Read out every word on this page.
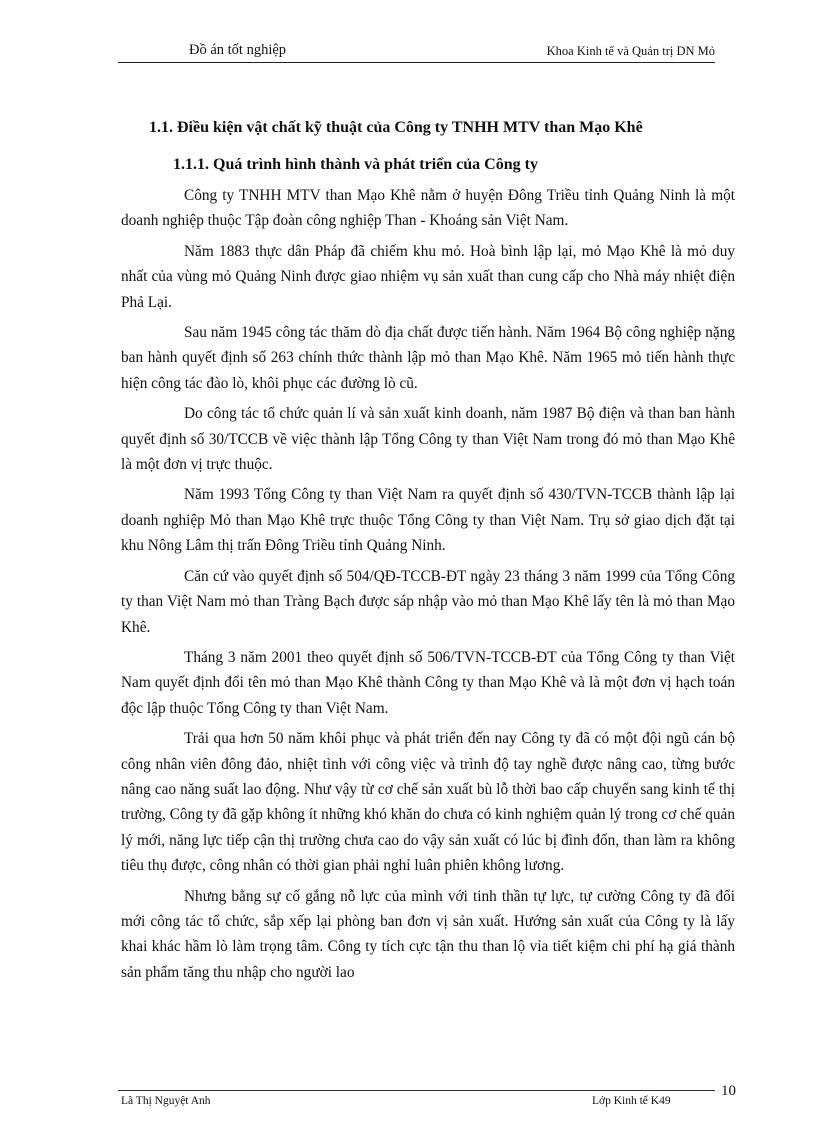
Đồ án tốt nghiệp	Khoa Kinh tế và Quản trị DN Mỏ
1.1. Điều kiện vật chất kỹ thuật của Công ty TNHH MTV than Mạo Khê
1.1.1. Quá trình hình thành và phát triển của Công ty

Công ty TNHH MTV than Mạo Khê nằm ở huyện Đông Triều tỉnh Quảng Ninh là một doanh nghiệp thuộc Tập đoàn công nghiệp Than - Khoáng sản Việt Nam.

Năm 1883 thực dân Pháp đã chiếm khu mỏ. Hoà bình lập lại, mỏ Mạo Khê là mỏ duy nhất của vùng mỏ Quảng Ninh được giao nhiệm vụ sản xuất than cung cấp cho Nhà máy nhiệt điện Phả Lại.

Sau năm 1945 công tác thăm dò địa chất được tiến hành. Năm 1964 Bộ công nghiệp nặng ban hành quyết định số 263 chính thức thành lập mỏ than Mạo Khê. Năm 1965 mỏ tiến hành thực hiện công tác đào lò, khôi phục các đường lò cũ.

Do công tác tổ chức quản lí và sản xuất kinh doanh, năm 1987 Bộ điện và than ban hành quyết định số 30/TCCB về việc thành lập Tổng Công ty than Việt Nam trong đó mỏ than Mạo Khê là một đơn vị trực thuộc.

Năm 1993 Tổng Công ty than Việt Nam ra quyết định số 430/TVN-TCCB thành lập lại doanh nghiệp Mỏ than Mạo Khê trực thuộc Tổng Công ty than Việt Nam. Trụ sở giao dịch đặt tại khu Nông Lâm thị trấn Đông Triều tỉnh Quảng Ninh.

Căn cứ vào quyết định số 504/QĐ-TCCB-ĐT ngày 23 tháng 3 năm 1999 của Tổng Công ty than Việt Nam mỏ than Tràng Bạch được sáp nhập vào mỏ than Mạo Khê lấy tên là mỏ than Mạo Khê.

Tháng 3 năm 2001 theo quyết định số 506/TVN-TCCB-ĐT của Tổng Công ty than Việt Nam quyết định đổi tên mỏ than Mạo Khê thành Công ty than Mạo Khê và là một đơn vị hạch toán độc lập thuộc Tổng Công ty than Việt Nam.

Trải qua hơn 50 năm khôi phục và phát triển đến nay Công ty đã có một đội ngũ cán bộ công nhân viên đông đảo, nhiệt tình với công việc và trình độ tay nghề được nâng cao, từng bước nâng cao năng suất lao động. Như vậy từ cơ chế sản xuất bù lỗ thời bao cấp chuyển sang kinh tế thị trường, Công ty đã gặp không ít những khó khăn do chưa có kinh nghiệm quản lý trong cơ chế quản lý mới, năng lực tiếp cận thị trường chưa cao do vậy sản xuất có lúc bị đình đốn, than làm ra không tiêu thụ được, công nhân có thời gian phải nghỉ luân phiên không lương.

Nhưng bằng sự cố gắng nỗ lực của mình với tinh thần tự lực, tự cường Công ty đã đổi mới công tác tổ chức, sắp xếp lại phòng ban đơn vị sản xuất. Hướng sản xuất của Công ty là lấy khai khác hầm lò làm trọng tâm. Công ty tích cực tận thu than lộ vỉa tiết kiệm chi phí hạ giá thành sản phẩm tăng thu nhập cho người lao

Lã Thị Nguyệt Anh	Lớp Kinh tế K49
10
